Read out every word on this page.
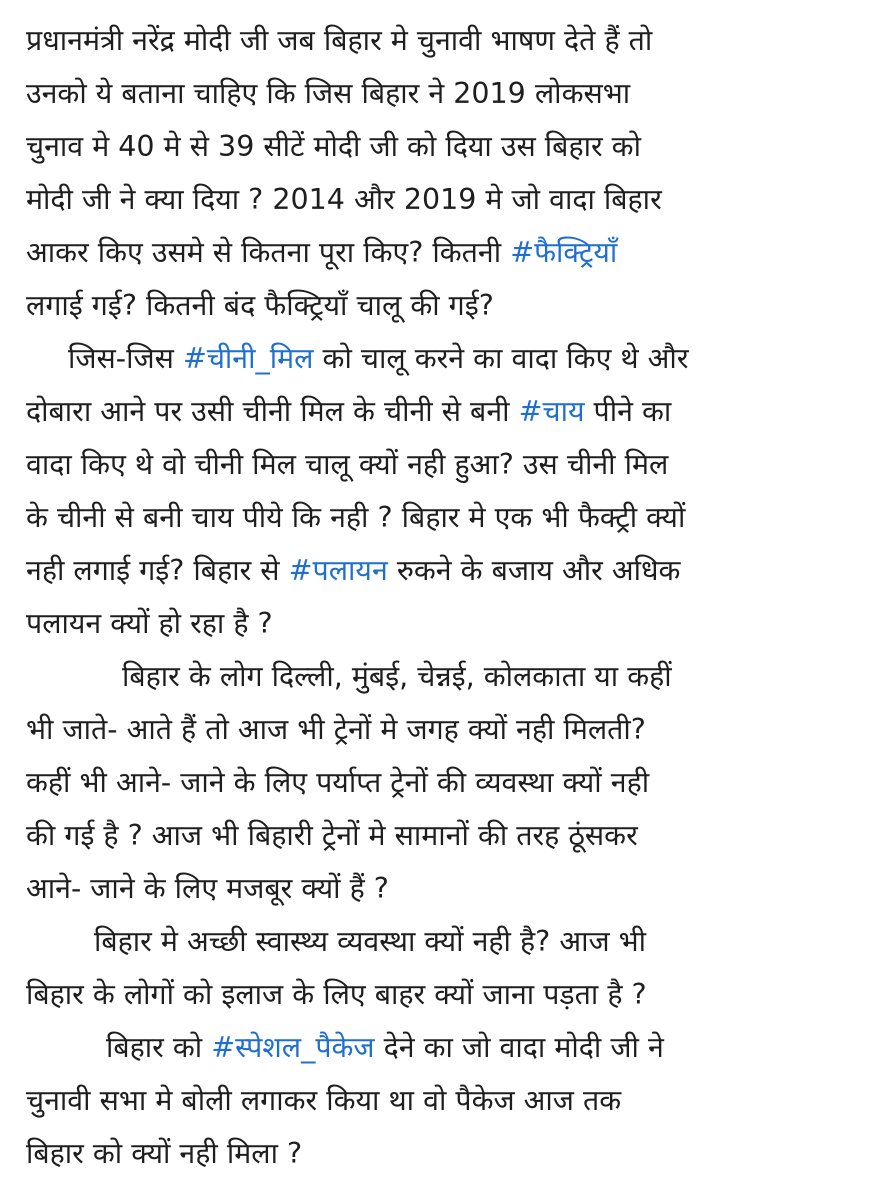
प्रधानमंत्री नरेंद्र मोदी जी जब बिहार मे चुनावी भाषण देते हैं तो
उनको ये बताना चाहिए कि जिस बिहार ने 2019 लोकसभा
चुनाव मे 40 मे से 39 सीटें मोदी जी को दिया उस बिहार को
मोदी जी ने क्या दिया ? 2014 और 2019 मे जो वादा बिहार
आकर किए उसमे से कितना पूरा किए? कितनी #फैक्ट्रियाँ
लगाई गई? कितनी बंद फैक्ट्रियाँ चालू की गई?
जिस-जिस #चीनी_मिल को चालू करने का वादा किए थे और
दोबारा आने पर उसी चीनी मिल के चीनी से बनी #चाय पीने का
वादा किए थे वो चीनी मिल चालू क्यों नही हुआ? उस चीनी मिल
के चीनी से बनी चाय पीये कि नही ? बिहार मे एक भी फैक्ट्री क्यों
नही लगाई गई? बिहार से #पलायन रुकने के बजाय और अधिक
पलायन क्यों हो रहा है ?
बिहार के लोग दिल्ली, मुंबई, चेन्नई, कोलकाता या कहीं
भी जाते- आते हैं तो आज भी ट्रेनों मे जगह क्यों नही मिलती?
कहीं भी आने- जाने के लिए पर्याप्त ट्रेनों की व्यवस्था क्यों नही
की गई है ? आज भी बिहारी ट्रेनों मे सामानों की तरह ठूंसकर
आने- जाने के लिए मजबूर क्यों हैं ?
बिहार मे अच्छी स्वास्थ्य व्यवस्था क्यों नही है? आज भी
बिहार के लोगों को इलाज के लिए बाहर क्यों जाना पड़ता है ?
बिहार को #स्पेशल_पैकेज देने का जो वादा मोदी जी ने
चुनावी सभा मे बोली लगाकर किया था वो पैकेज आज तक
बिहार को क्यों नही मिला ?
